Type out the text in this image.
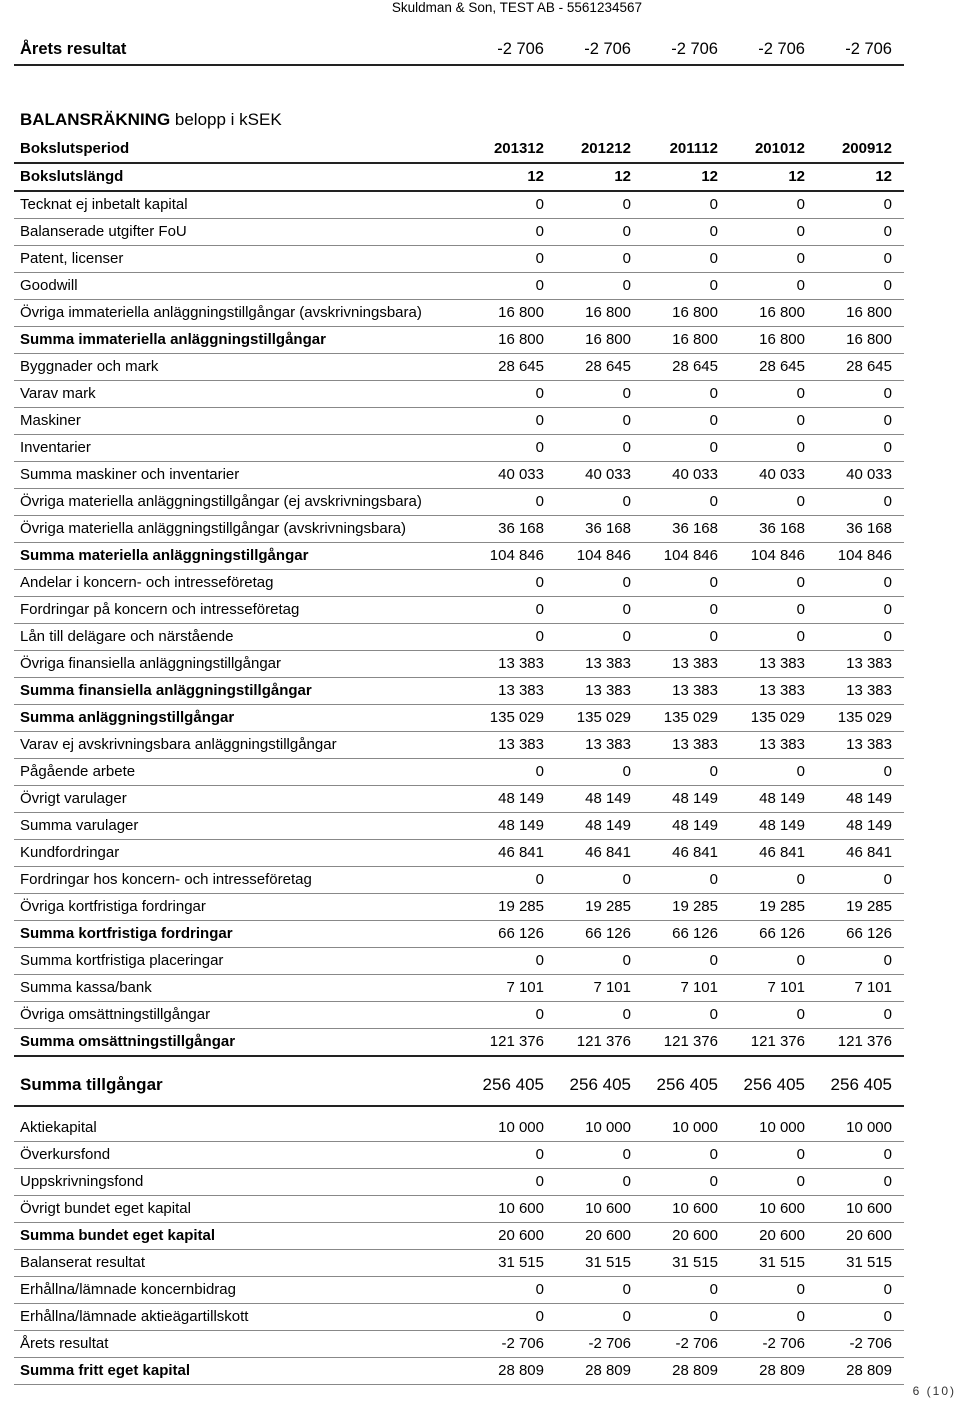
Skuldman & Son, TEST AB - 5561234567
Årets resultat	-2 706	-2 706	-2 706	-2 706	-2 706
BALANSRÄKNING belopp i kSEK
Bokslutsperiod	201312	201212	201112	201012	200912
Bokslutslängd	12	12	12	12	12
Tecknat ej inbetalt kapital	0	0	0	0	0
Balanserade utgifter FoU	0	0	0	0	0
Patent, licenser	0	0	0	0	0
Goodwill	0	0	0	0	0
Övriga immateriella anläggningstillgångar (avskrivningsbara)	16 800	16 800	16 800	16 800	16 800
Summa immateriella anläggningstillgångar	16 800	16 800	16 800	16 800	16 800
Byggnader och mark	28 645	28 645	28 645	28 645	28 645
Varav mark	0	0	0	0	0
Maskiner	0	0	0	0	0
Inventarier	0	0	0	0	0
Summa maskiner och inventarier	40 033	40 033	40 033	40 033	40 033
Övriga materiella anläggningstillgångar (ej avskrivningsbara)	0	0	0	0	0
Övriga materiella anläggningstillgångar (avskrivningsbara)	36 168	36 168	36 168	36 168	36 168
Summa materiella anläggningstillgångar	104 846	104 846	104 846	104 846	104 846
Andelar i koncern- och intresseföretag	0	0	0	0	0
Fordringar på koncern och intresseföretag	0	0	0	0	0
Lån till delägare och närstående	0	0	0	0	0
Övriga finansiella anläggningstillgångar	13 383	13 383	13 383	13 383	13 383
Summa finansiella anläggningstillgångar	13 383	13 383	13 383	13 383	13 383
Summa anläggningstillgångar	135 029	135 029	135 029	135 029	135 029
Varav ej avskrivningsbara anläggningstillgångar	13 383	13 383	13 383	13 383	13 383
Pågående arbete	0	0	0	0	0
Övrigt varulager	48 149	48 149	48 149	48 149	48 149
Summa varulager	48 149	48 149	48 149	48 149	48 149
Kundfordringar	46 841	46 841	46 841	46 841	46 841
Fordringar hos koncern- och intresseföretag	0	0	0	0	0
Övriga kortfristiga fordringar	19 285	19 285	19 285	19 285	19 285
Summa kortfristiga fordringar	66 126	66 126	66 126	66 126	66 126
Summa kortfristiga placeringar	0	0	0	0	0
Summa kassa/bank	7 101	7 101	7 101	7 101	7 101
Övriga omsättningstillgångar	0	0	0	0	0
Summa omsättningstillgångar	121 376	121 376	121 376	121 376	121 376

Summa tillgångar	256 405	256 405	256 405	256 405	256 405

Aktiekapital	10 000	10 000	10 000	10 000	10 000
Överkursfond	0	0	0	0	0
Uppskrivningsfond	0	0	0	0	0
Övrigt bundet eget kapital	10 600	10 600	10 600	10 600	10 600
Summa bundet eget kapital	20 600	20 600	20 600	20 600	20 600
Balanserat resultat	31 515	31 515	31 515	31 515	31 515
Erhållna/lämnade koncernbidrag	0	0	0	0	0
Erhållna/lämnade aktieägartillskott	0	0	0	0	0
Årets resultat	-2 706	-2 706	-2 706	-2 706	-2 706
Summa fritt eget kapital	28 809	28 809	28 809	28 809	28 809
6 (10)
